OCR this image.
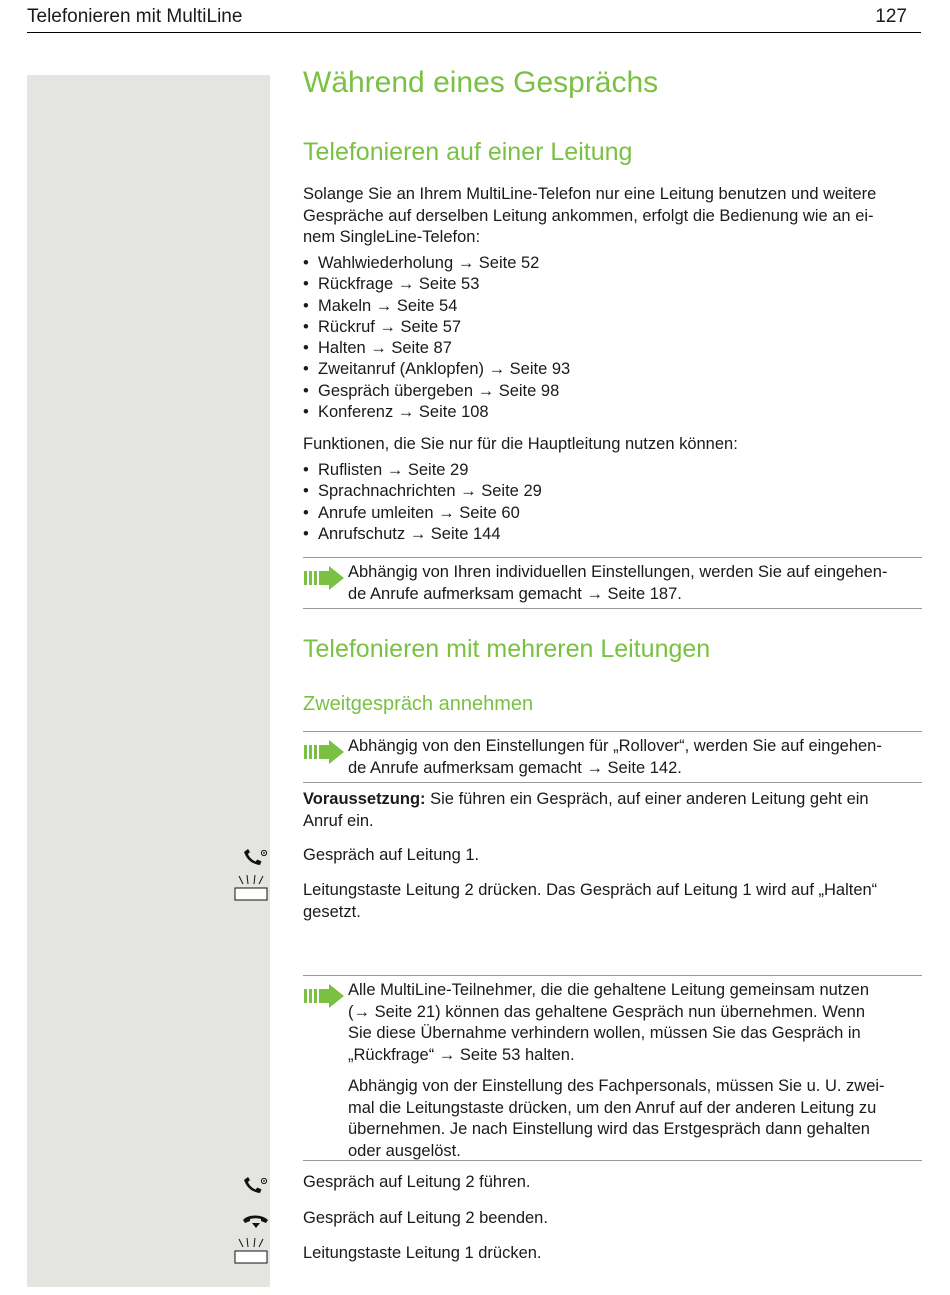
Telefonieren mit MultiLine	127
Während eines Gesprächs
Telefonieren auf einer Leitung
Solange Sie an Ihrem MultiLine-Telefon nur eine Leitung benutzen und weitere
Gespräche auf derselben Leitung ankommen, erfolgt die Bedienung wie an ei-
nem SingleLine-Telefon:
• Wahlwiederholung → Seite 52
• Rückfrage → Seite 53
• Makeln → Seite 54
• Rückruf → Seite 57
• Halten → Seite 87
• Zweitanruf (Anklopfen) → Seite 93
• Gespräch übergeben → Seite 98
• Konferenz → Seite 108
Funktionen, die Sie nur für die Hauptleitung nutzen können:
• Ruflisten → Seite 29
• Sprachnachrichten → Seite 29
• Anrufe umleiten → Seite 60
• Anrufschutz → Seite 144
Abhängig von Ihren individuellen Einstellungen, werden Sie auf eingehen-
de Anrufe aufmerksam gemacht → Seite 187.
Telefonieren mit mehreren Leitungen
Zweitgespräch annehmen
Abhängig von den Einstellungen für „Rollover“, werden Sie auf eingehen-
de Anrufe aufmerksam gemacht → Seite 142.
Voraussetzung: Sie führen ein Gespräch, auf einer anderen Leitung geht ein
Anruf ein.

Alle MultiLine-Teilnehmer, die die gehaltene Leitung gemeinsam nutzen
(→ Seite 21) können das gehaltene Gespräch nun übernehmen. Wenn
Sie diese Übernahme verhindern wollen, müssen Sie das Gespräch in
„Rückfrage“ → Seite 53 halten.

Abhängig von der Einstellung des Fachpersonals, müssen Sie u. U. zwei-
mal die Leitungstaste drücken, um den Anruf auf der anderen Leitung zu
übernehmen. Je nach Einstellung wird das Erstgespräch dann gehalten
oder ausgelöst.

Gespräch auf Leitung 1.
Leitungstaste Leitung 2 drücken. Das Gespräch auf Leitung 1 wird auf „Halten“
gesetzt.
Gespräch auf Leitung 2 führen.
Gespräch auf Leitung 2 beenden.
Leitungstaste Leitung 1 drücken.
